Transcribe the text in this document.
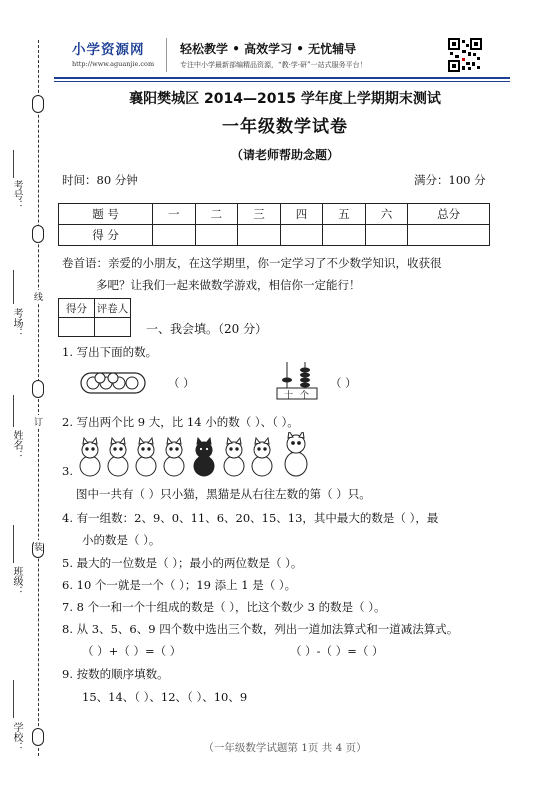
线
订
装
考号：
考场：
姓名：
班级：
学校：
小学资源网
http://www.aguanjie.com
轻松教学 • 高效学习 • 无忧辅导
专注中小学最新部编精品资源，“教·学·研”一站式服务平台！
襄阳樊城区 2014—2015 学年度上学期期末测试
一年级数学试卷
（请老师帮助念题）
时间：80 分钟	满分：100 分
题 号	一	二	三	四	五	六	总分
得 分							
卷首语：亲爱的小朋友，在这学期里，你一定学习了不少数学知识，收获很
多吧？让我们一起来做数学游戏，相信你一定能行！
得分	评卷人

一、我会填。（20 分）
1. 写出下面的数。
（ ）
十 个
（ ）
2. 写出两个比 9 大，比 14 小的数（ ）、（ ）。
3.
图中一共有（ ）只小猫，黑猫是从右往左数的第（ ）只。
4. 有一组数：2、9、0、11、6、20、15、13，其中最大的数是（ ），最
小的数是（ ）。
5. 最大的一位数是（ ）；最小的两位数是（ ）。
6. 10 个一就是一个（ ）；19 添上 1 是（ ）。
7. 8 个一和一个十组成的数是（ ），比这个数少 3 的数是（ ）。
8. 从 3、5、6、9 四个数中选出三个数，列出一道加法算式和一道减法算式。
（ ）+（ ）=（ ）	（ ）-（ ）=（ ）
9. 按数的顺序填数。
15、14、（ ）、12、（ ）、10、9
（一年级数学试题第 1页 共 4 页）
